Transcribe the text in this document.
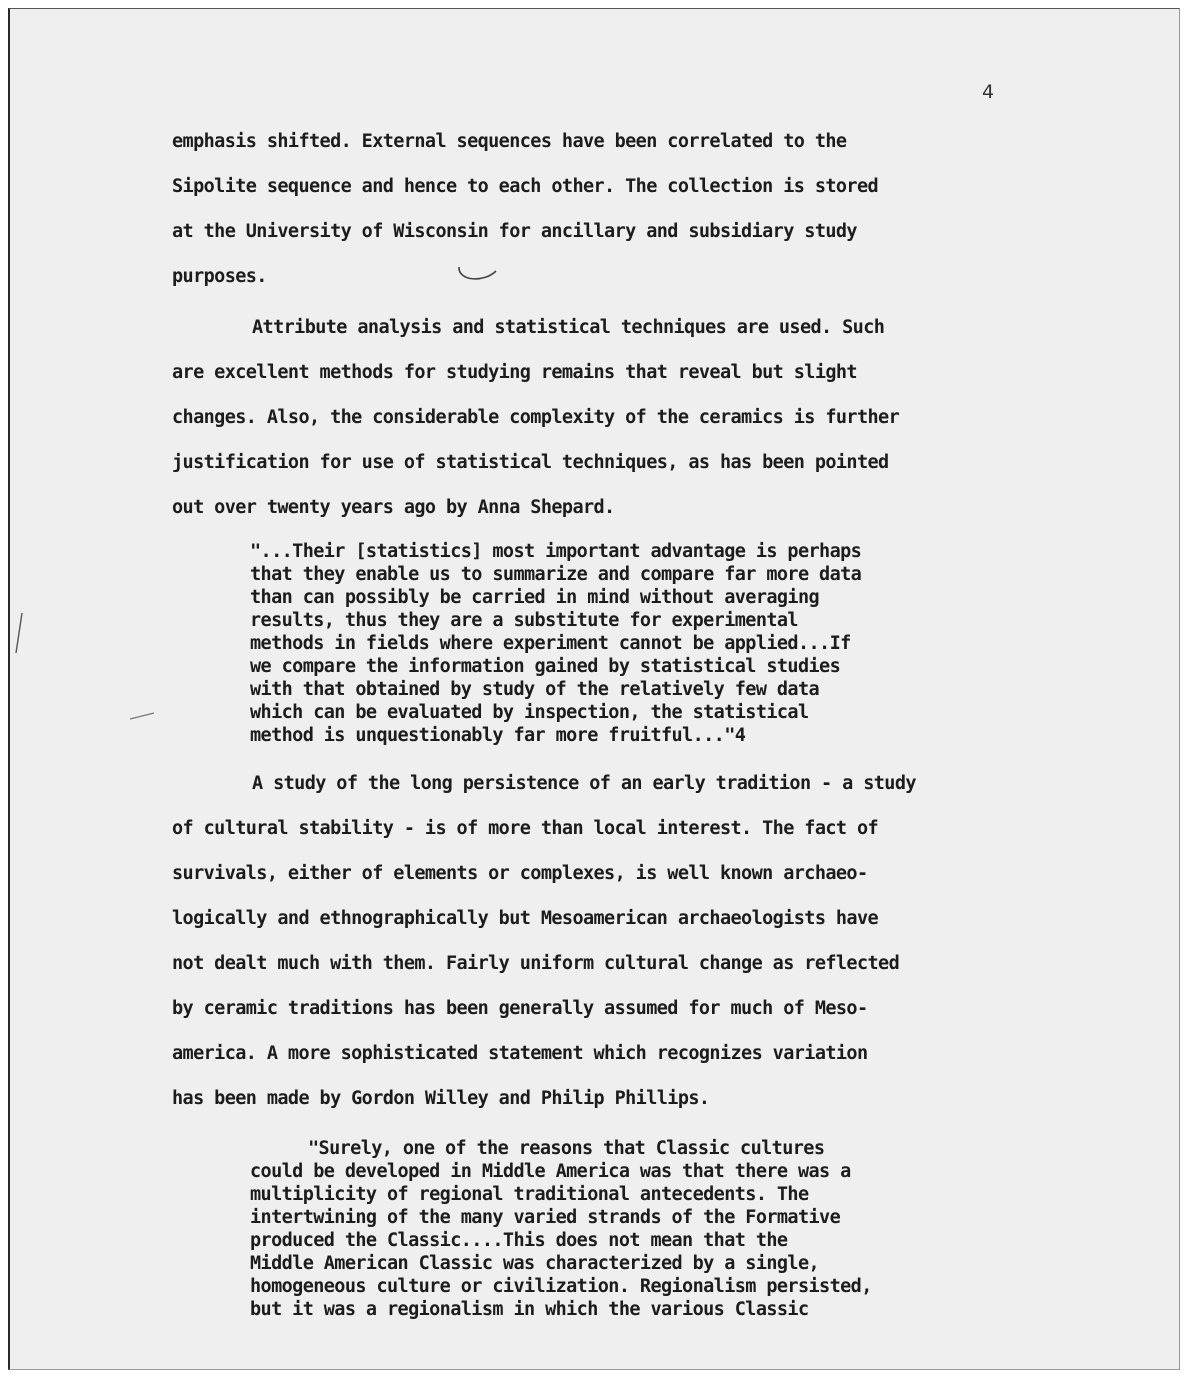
4
emphasis shifted. External sequences have been correlated to the
Sipolite sequence and hence to each other. The collection is stored
at the University of Wisconsin for ancillary and subsidiary study
purposes.
Attribute analysis and statistical techniques are used. Such
are excellent methods for studying remains that reveal but slight
changes. Also, the considerable complexity of the ceramics is further
justification for use of statistical techniques, as has been pointed
out over twenty years ago by Anna Shepard.
"...Their [statistics] most important advantage is perhaps
that they enable us to summarize and compare far more data
than can possibly be carried in mind without averaging
results, thus they are a substitute for experimental
methods in fields where experiment cannot be applied...If
we compare the information gained by statistical studies
with that obtained by study of the relatively few data
which can be evaluated by inspection, the statistical
method is unquestionably far more fruitful..."4
A study of the long persistence of an early tradition - a study
of cultural stability - is of more than local interest. The fact of
survivals, either of elements or complexes, is well known archaeo-
logically and ethnographically but Mesoamerican archaeologists have
not dealt much with them. Fairly uniform cultural change as reflected
by ceramic traditions has been generally assumed for much of Meso-
america. A more sophisticated statement which recognizes variation
has been made by Gordon Willey and Philip Phillips.
"Surely, one of the reasons that Classic cultures
could be developed in Middle America was that there was a
multiplicity of regional traditional antecedents. The
intertwining of the many varied strands of the Formative
produced the Classic....This does not mean that the
Middle American Classic was characterized by a single,
homogeneous culture or civilization. Regionalism persisted,
but it was a regionalism in which the various Classic
